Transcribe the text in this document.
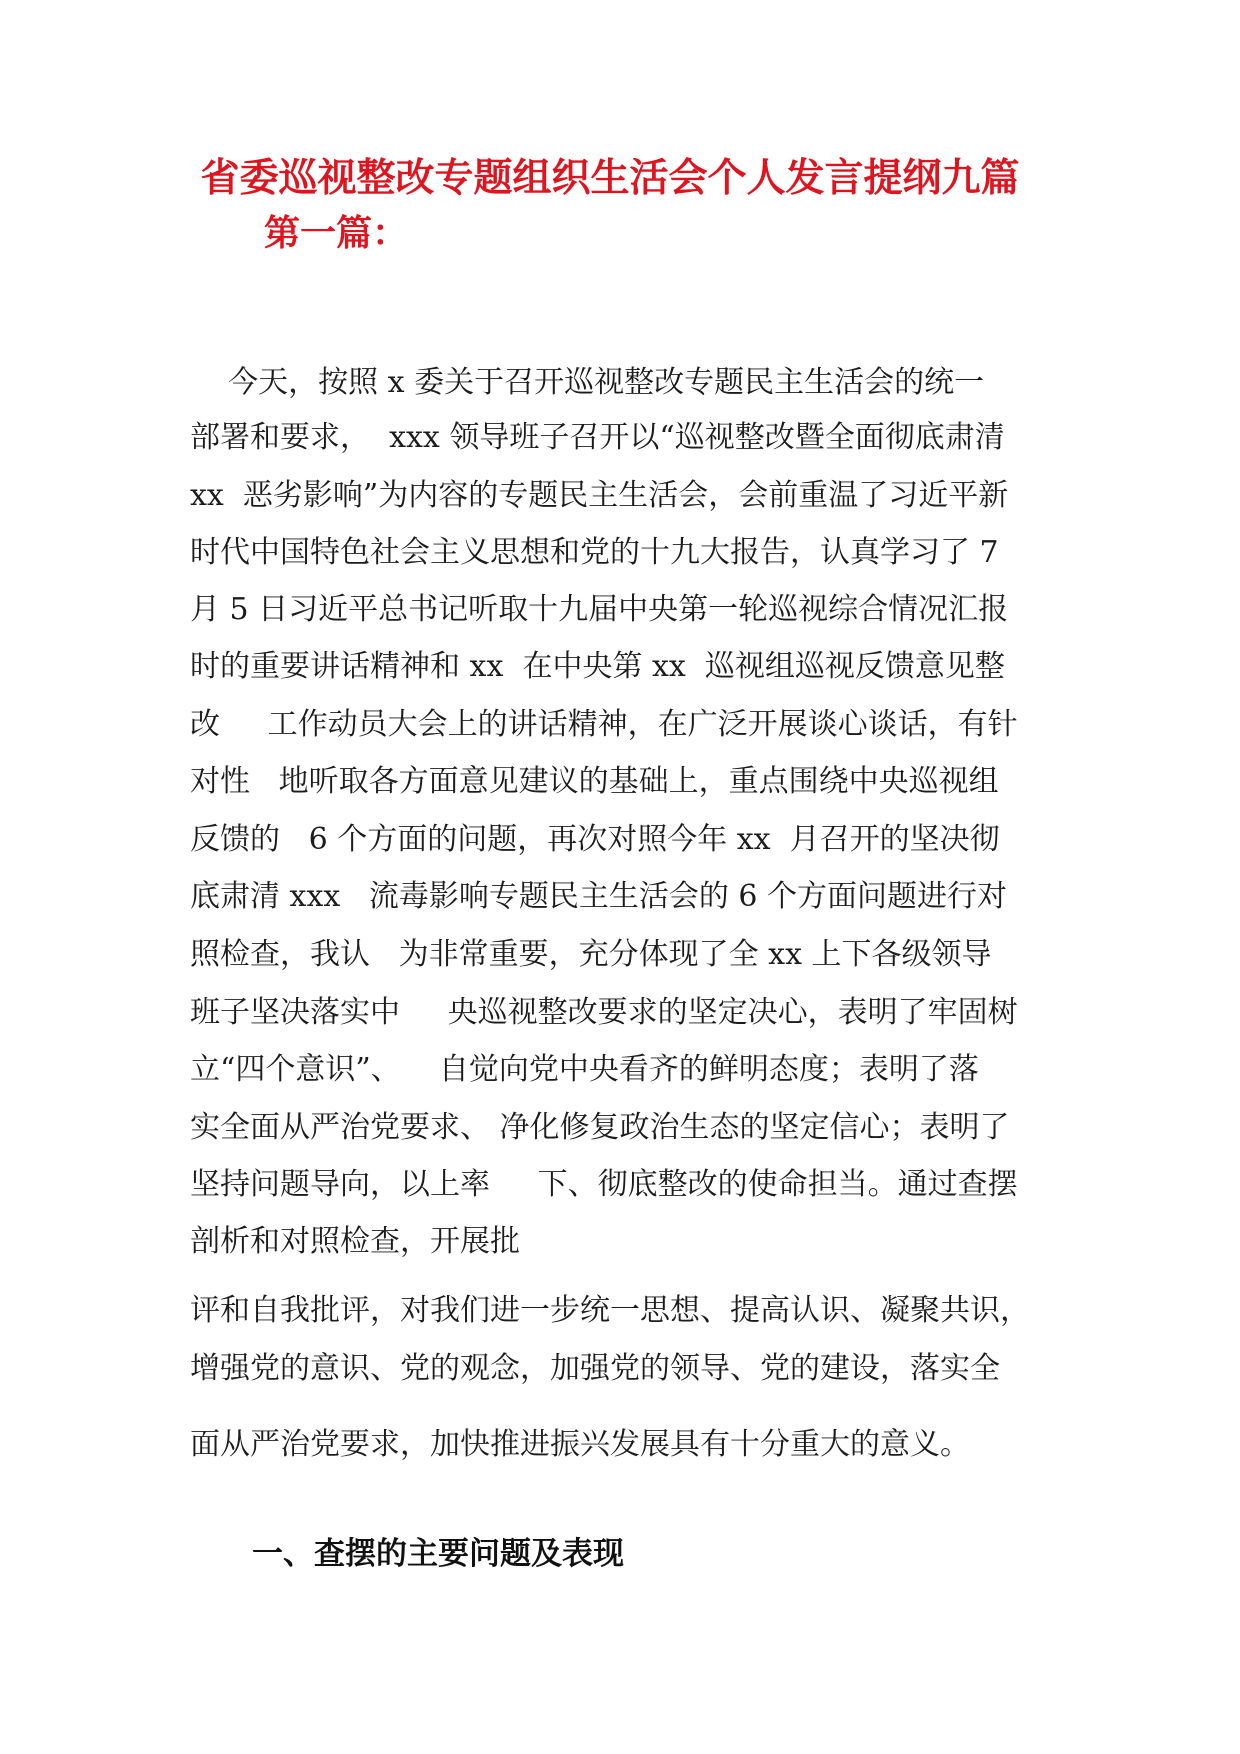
省委巡视整改专题组织生活会个人发言提纲九篇
第一篇：
今天，按照 x 委关于召开巡视整改专题民主生活会的统一
部署和要求，  xxx 领导班子召开以“巡视整改暨全面彻底肃清
xx  恶劣影响”为内容的专题民主生活会，会前重温了习近平新
时代中国特色社会主义思想和党的十九大报告，认真学习了 7
月 5 日习近平总书记听取十九届中央第一轮巡视综合情况汇报
时的重要讲话精神和 xx  在中央第 xx  巡视组巡视反馈意见整
改     工作动员大会上的讲话精神，在广泛开展谈心谈话，有针
对性   地听取各方面意见建议的基础上，重点围绕中央巡视组
反馈的   6 个方面的问题，再次对照今年 xx  月召开的坚决彻
底肃清 xxx   流毒影响专题民主生活会的 6 个方面问题进行对
照检查，我认   为非常重要，充分体现了全 xx 上下各级领导
班子坚决落实中     央巡视整改要求的坚定决心，表明了牢固树
立“四个意识”、    自觉向党中央看齐的鲜明态度；表明了落
实全面从严治党要求、 净化修复政治生态的坚定信心；表明了
坚持问题导向，以上率     下、彻底整改的使命担当。通过查摆
剖析和对照检查，开展批
评和自我批评，对我们进一步统一思想、提高认识、凝聚共识，
增强党的意识、党的观念，加强党的领导、党的建设，落实全
面从严治党要求，加快推进振兴发展具有十分重大的意义。
一、查摆的主要问题及表现
